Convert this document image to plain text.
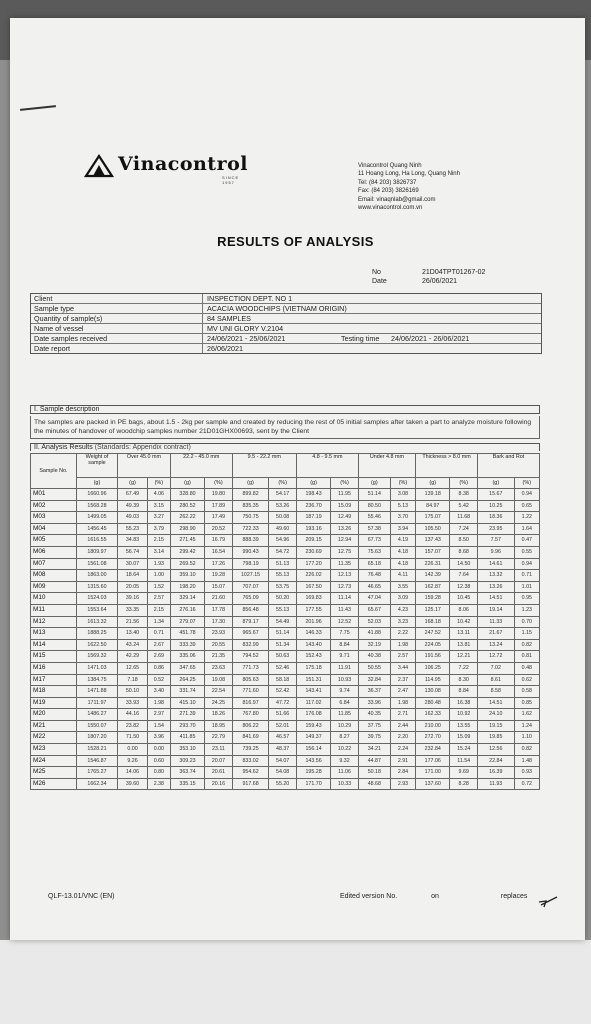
Vinacontrol
SINCE 1957
Vinacontrol Quang Ninh
11 Hoang Long, Ha Long, Quang Ninh
Tel: (84 203) 3826737
Fax: (84 203) 3826169
Email: vinaqnlab@gmail.com
www.vinacontrol.com.vn
RESULTS OF ANALYSIS
No	21D04TPT01267-02
Date	26/06/2021
Client	INSPECTION DEPT. NO 1
Sample type	ACACIA WOODCHIPS (VIETNAM ORIGIN)
Quantity of sample(s)	84 SAMPLES
Name of vessel	MV UNI GLORY V.2104
Date samples received	24/06/2021 - 25/06/2021	Testing time 24/06/2021 - 26/06/2021
Date report	26/06/2021
I. Sample description
The samples are packed in PE bags, about 1.5 - 2kg per sample and created by reducing the rest of 05 initial samples after taken a part to analyze moisture following the minutes of handover of woodchip samples number 21D01GHX00693, sent by the Client
II. Analysis Results (Standards: Appendix contract)
Sample No.	Weight of sample	Over 45.0 mm		22.2 - 45.0 mm		9.5 - 22.2 mm		4.8 - 9.5 mm		Under 4.8 mm		Thickness > 8.0 mm		Bark and Rot	
	(g)	(g)	(%)	(g)	(%)	(g)	(%)	(g)	(%)	(g)	(%)	(g)	(%)	(g)	(%)
M01	1660.96	67.49	4.06	328.80	19.80	899.82	54.17	198.43	11.95	51.14	3.08	139.18	8.38	15.67	0.94
M02	1568.28	49.39	3.15	280.52	17.89	835.35	53.26	236.70	15.09	80.50	5.13	84.97	5.42	10.25	0.65
M03	1499.05	49.03	3.27	262.22	17.49	750.75	50.08	187.19	12.49	55.46	3.70	175.07	11.68	18.36	1.22
M04	1456.45	55.23	3.79	298.90	20.52	722.33	49.60	193.16	13.26	57.38	3.94	105.50	7.24	23.95	1.64
M05	1616.55	34.83	2.15	271.45	16.79	888.39	54.96	209.15	12.94	67.73	4.19	137.43	8.50	7.57	0.47
M06	1809.97	56.74	3.14	299.42	16.54	990.43	54.72	230.69	12.75	75.63	4.18	157.07	8.68	9.96	0.55
M07	1561.08	30.07	1.93	269.52	17.26	798.19	51.13	177.20	11.35	65.18	4.18	226.31	14.50	14.61	0.94
M08	1863.00	18.64	1.00	359.10	19.28	1027.15	55.13	226.02	12.13	76.48	4.11	142.39	7.64	13.32	0.71
M09	1315.60	20.05	1.52	198.20	15.07	707.07	53.75	167.50	12.73	46.65	3.55	162.87	12.38	13.26	1.01
M10	1524.03	39.16	2.57	329.14	21.60	765.09	50.20	169.83	11.14	47.04	3.09	159.28	10.45	14.51	0.95
M11	1553.64	33.35	2.15	276.16	17.78	856.48	55.13	177.55	11.43	65.67	4.23	125.17	8.06	19.14	1.23
M12	1613.32	21.56	1.34	279.07	17.30	879.17	54.49	201.96	12.52	52.03	3.23	168.18	10.42	11.33	0.70
M13	1888.25	13.40	0.71	451.78	23.93	965.67	51.14	146.33	7.75	41.88	2.22	247.52	13.11	21.67	1.15
M14	1622.50	43.24	2.67	333.39	20.55	832.99	51.34	143.40	8.84	32.19	1.98	224.05	13.81	13.24	0.82
M15	1569.32	42.29	2.69	335.06	21.35	794.52	50.63	152.43	9.71	40.38	2.57	191.56	12.21	12.72	0.81
M16	1471.03	12.65	0.86	347.65	23.63	771.73	52.46	175.18	11.91	50.55	3.44	106.25	7.22	7.02	0.48
M17	1384.75	7.18	0.52	264.25	19.08	805.63	58.18	151.31	10.93	32.84	2.37	114.95	8.30	8.61	0.62
M18	1471.88	50.10	3.40	331.74	22.54	771.60	52.42	143.41	9.74	36.37	2.47	130.08	8.84	8.58	0.58
M19	1711.97	33.93	1.98	415.10	24.25	816.97	47.72	117.02	6.84	33.96	1.98	280.48	16.38	14.51	0.85
M20	1486.27	44.16	2.97	271.39	18.26	767.80	51.66	176.08	11.85	40.35	2.71	162.33	10.92	24.10	1.62
M21	1550.07	23.82	1.54	293.70	18.95	806.22	52.01	159.43	10.29	37.75	2.44	210.00	13.55	19.15	1.24
M22	1807.20	71.50	3.96	411.85	22.79	841.69	46.57	149.37	8.27	39.75	2.20	272.70	15.09	19.85	1.10
M23	1528.21	0.00	0.00	353.10	23.11	739.25	48.37	156.14	10.22	34.21	2.24	232.84	15.24	12.56	0.82
M24	1546.87	9.26	0.60	309.23	20.07	833.02	54.07	143.56	9.32	44.87	2.91	177.06	11.54	22.84	1.48
M25	1765.27	14.06	0.80	363.74	20.61	954.62	54.08	195.28	11.06	50.18	2.84	171.00	9.69	16.39	0.93
M26	1662.34	39.60	2.38	335.15	20.16	917.68	55.20	171.70	10.33	48.68	2.93	137.60	8.28	11.93	0.72
QLF-13.01/VNC (EN)	Edited version No.	on	replaces
